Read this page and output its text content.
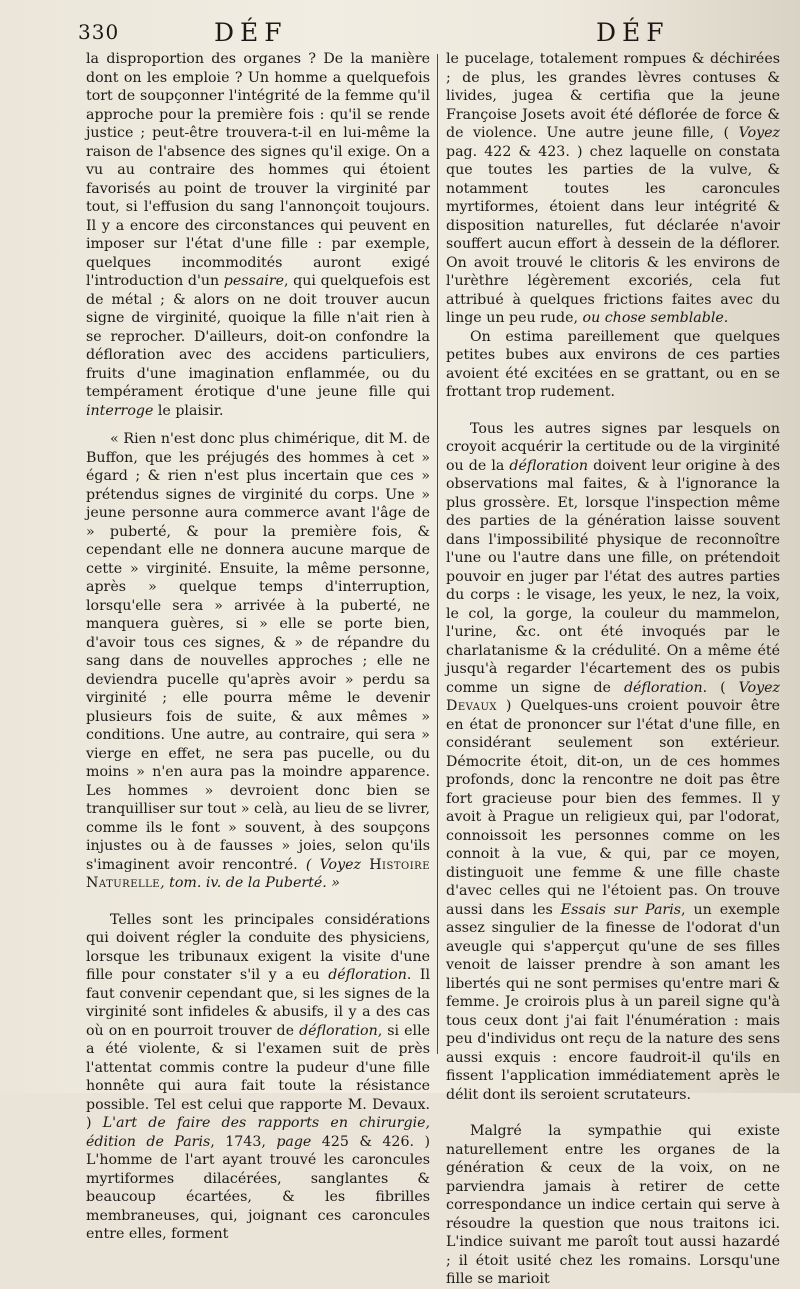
330	DÉF	DÉF

la disproportion des organes ? De la manière dont on les emploie ? Un homme a quelquefois tort de soupçonner l'intégrité de la femme qu'il approche pour la première fois : qu'il se rende justice ; peut-être trouvera-t-il en lui-même la raison de l'absence des signes qu'il exige. On a vu au contraire des hommes qui étoient favorisés au point de trouver la virginité par tout, si l'effusion du sang l'annonçoit toujours. Il y a encore des circonstances qui peuvent en imposer sur l'état d'une fille : par exemple, quelques incommodités auront exigé l'introduction d'un pessaire, qui quelquefois est de métal ; & alors on ne doit trouver aucun signe de virginité, quoique la fille n'ait rien à se reprocher. D'ailleurs, doit-on confondre la défloration avec des accidens particuliers, fruits d'une imagination enflammée, ou du tempérament érotique d'une jeune fille qui interroge le plaisir.

« Rien n'est donc plus chimérique, dit M. de Buffon, que les préjugés des hommes à cet » égard ; & rien n'est plus incertain que ces » prétendus signes de virginité du corps. Une » jeune personne aura commerce avant l'âge de » puberté, & pour la première fois, & cependant elle ne donnera aucune marque de cette » virginité. Ensuite, la même personne, après » quelque temps d'interruption, lorsqu'elle sera » arrivée à la puberté, ne manquera guères, si » elle se porte bien, d'avoir tous ces signes, & » de répandre du sang dans de nouvelles approches ; elle ne deviendra pucelle qu'après avoir » perdu sa virginité ; elle pourra même le devenir plusieurs fois de suite, & aux mêmes » conditions. Une autre, au contraire, qui sera » vierge en effet, ne sera pas pucelle, ou du moins » n'en aura pas la moindre apparence. Les hommes » devroient donc bien se tranquilliser sur tout » celà, au lieu de se livrer, comme ils le font » souvent, à des soupçons injustes ou à de fausses » joies, selon qu'ils s'imaginent avoir rencontré. ( Voyez Histoire Naturelle, tom. iv. de la Puberté. »

Telles sont les principales considérations qui doivent régler la conduite des physiciens, lorsque les tribunaux exigent la visite d'une fille pour constater s'il y a eu défloration. Il faut convenir cependant que, si les signes de la virginité sont infideles & abusifs, il y a des cas où on en pourroit trouver de défloration, si elle a été violente, & si l'examen suit de près l'attentat commis contre la pudeur d'une fille honnête qui aura fait toute la résistance possible. Tel est celui que rapporte M. Devaux. ) L'art de faire des rapports en chirurgie, édition de Paris, 1743, page 425 & 426. ) L'homme de l'art ayant trouvé les caroncules myrtiformes dilacérées, sanglantes & beaucoup écartées, & les fibrilles membraneuses, qui, joignant ces caroncules entre elles, forment

le pucelage, totalement rompues & déchirées ; de plus, les grandes lèvres contuses & livides, jugea & certifia que la jeune Françoise Josets avoit été déflorée de force & de violence. Une autre jeune fille, ( Voyez pag. 422 & 423. ) chez laquelle on constata que toutes les parties de la vulve, & notamment toutes les caroncules myrtiformes, étoient dans leur intégrité & disposition naturelles, fut déclarée n'avoir souffert aucun effort à dessein de la déflorer. On avoit trouvé le clitoris & les environs de l'urèthre légèrement excoriés, cela fut attribué à quelques frictions faites avec du linge un peu rude, ou chose semblable.

On estima pareillement que quelques petites bubes aux environs de ces parties avoient été excitées en se grattant, ou en se frottant trop rudement.

Tous les autres signes par lesquels on croyoit acquérir la certitude ou de la virginité ou de la défloration doivent leur origine à des observations mal faites, & à l'ignorance la plus grossère. Et, lorsque l'inspection même des parties de la génération laisse souvent dans l'impossibilité physique de reconnoître l'une ou l'autre dans une fille, on prétendoit pouvoir en juger par l'état des autres parties du corps : le visage, les yeux, le nez, la voix, le col, la gorge, la couleur du mammelon, l'urine, &c. ont été invoqués par le charlatanisme & la crédulité. On a même été jusqu'à regarder l'écartement des os pubis comme un signe de défloration. ( Voyez Devaux ) Quelques-uns croient pouvoir être en état de prononcer sur l'état d'une fille, en considérant seulement son extérieur. Démocrite étoit, dit-on, un de ces hommes profonds, donc la rencontre ne doit pas être fort gracieuse pour bien des femmes. Il y avoit à Prague un religieux qui, par l'odorat, connoissoit les personnes comme on les connoit à la vue, & qui, par ce moyen, distinguoit une femme & une fille chaste d'avec celles qui ne l'étoient pas. On trouve aussi dans les Essais sur Paris, un exemple assez singulier de la finesse de l'odorat d'un aveugle qui s'apperçut qu'une de ses filles venoit de laisser prendre à son amant les libertés qui ne sont permises qu'entre mari & femme. Je croirois plus à un pareil signe qu'à tous ceux dont j'ai fait l'énumération : mais peu d'individus ont reçu de la nature des sens aussi exquis : encore faudroit-il qu'ils en fissent l'application immédiatement après le délit dont ils seroient scrutateurs.

Malgré la sympathie qui existe naturellement entre les organes de la génération & ceux de la voix, on ne parviendra jamais à retirer de cette correspondance un indice certain qui serve à résoudre la question que nous traitons ici. L'indice suivant me paroît tout aussi hazardé ; il étoit usité chez les romains. Lorsqu'une fille se marioit
